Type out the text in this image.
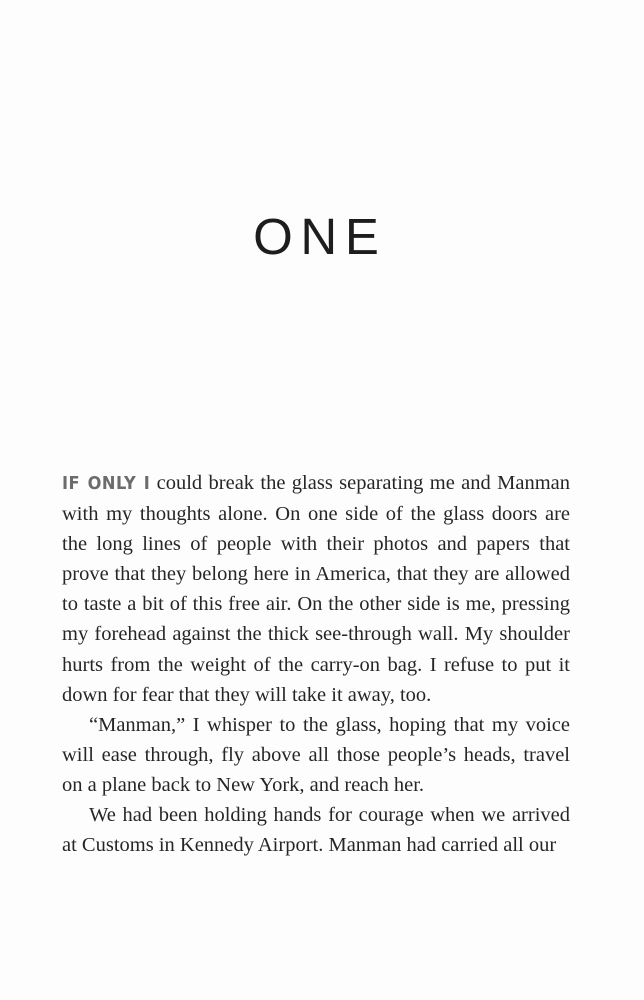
ONE

IF ONLY I could break the glass separating me and Manman with my thoughts alone. On one side of the glass doors are the long lines of people with their photos and papers that prove that they belong here in America, that they are allowed to taste a bit of this free air. On the other side is me, pressing my forehead against the thick see-through wall. My shoulder hurts from the weight of the carry-on bag. I refuse to put it down for fear that they will take it away, too.

“Manman,” I whisper to the glass, hoping that my voice will ease through, fly above all those people’s heads, travel on a plane back to New York, and reach her.

We had been holding hands for courage when we arrived at Customs in Kennedy Airport. Manman had carried all our
